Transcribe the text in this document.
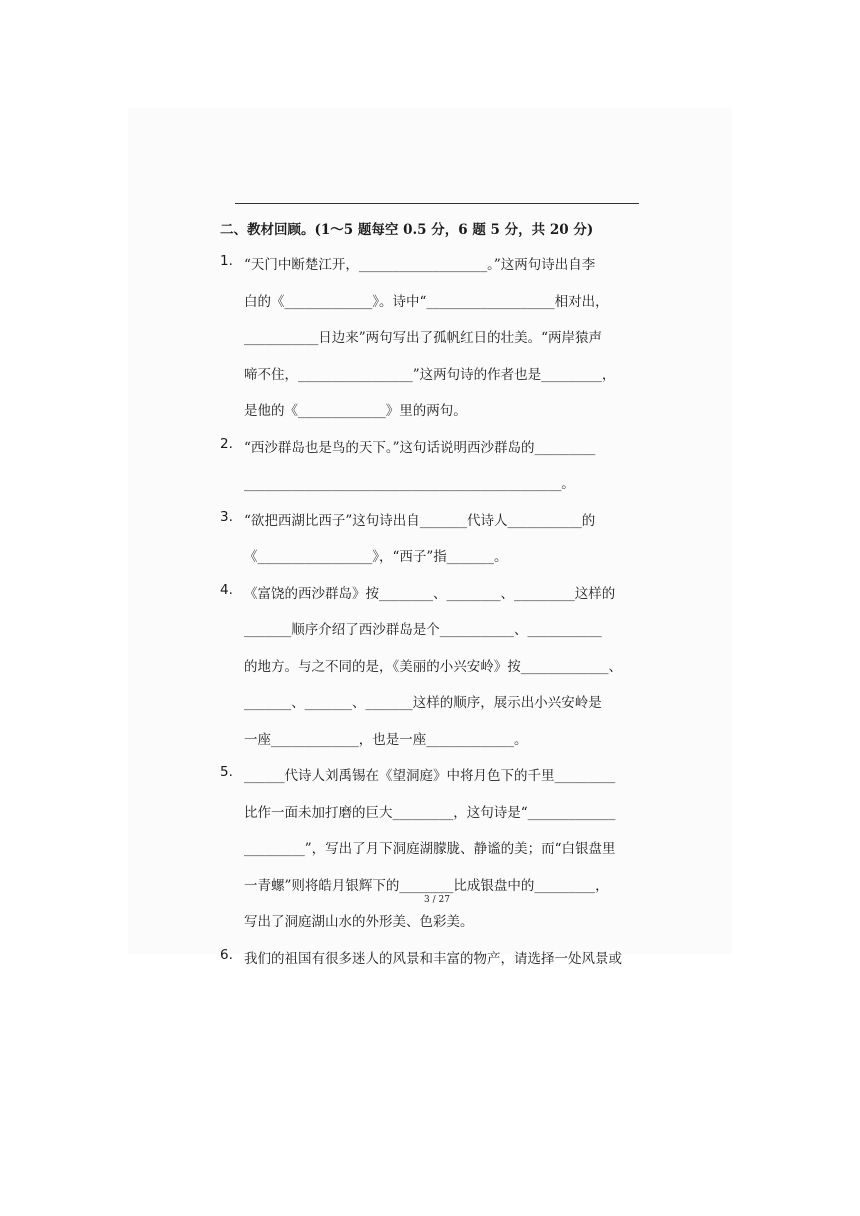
二、教材回顾。(1～5 题每空 0.5 分，6 题 5 分，共 20 分)
1. “天门中断楚江开，___________________。”这两句诗出自李
白的《_____________》。诗中“___________________相对出，
___________日边来”两句写出了孤帆红日的壮美。“两岸猿声
啼不住，_________________”这两句诗的作者也是_________，
是他的《_____________》里的两句。
2. “西沙群岛也是鸟的天下。”这句话说明西沙群岛的_________
_______________________________________________。
3. “欲把西湖比西子”这句诗出自_______代诗人___________的
《_________________》，“西子”指_______。
4. 《富饶的西沙群岛》按________、________、_________这样的
_______顺序介绍了西沙群岛是个___________、___________
的地方。与之不同的是，《美丽的小兴安岭》按_____________、
_______、_______、_______这样的顺序，展示出小兴安岭是
一座_____________，也是一座_____________。
5. ______代诗人刘禹锡在《望洞庭》中将月色下的千里_________
比作一面未加打磨的巨大_________，这句诗是“_____________
_________”，写出了月下洞庭湖朦胧、静谧的美；而“白银盘里
一青螺”则将皓月银辉下的________比成银盘中的_________，
写出了洞庭湖山水的外形美、色彩美。
6. 我们的祖国有很多迷人的风景和丰富的物产，请选择一处风景或
3 / 27
